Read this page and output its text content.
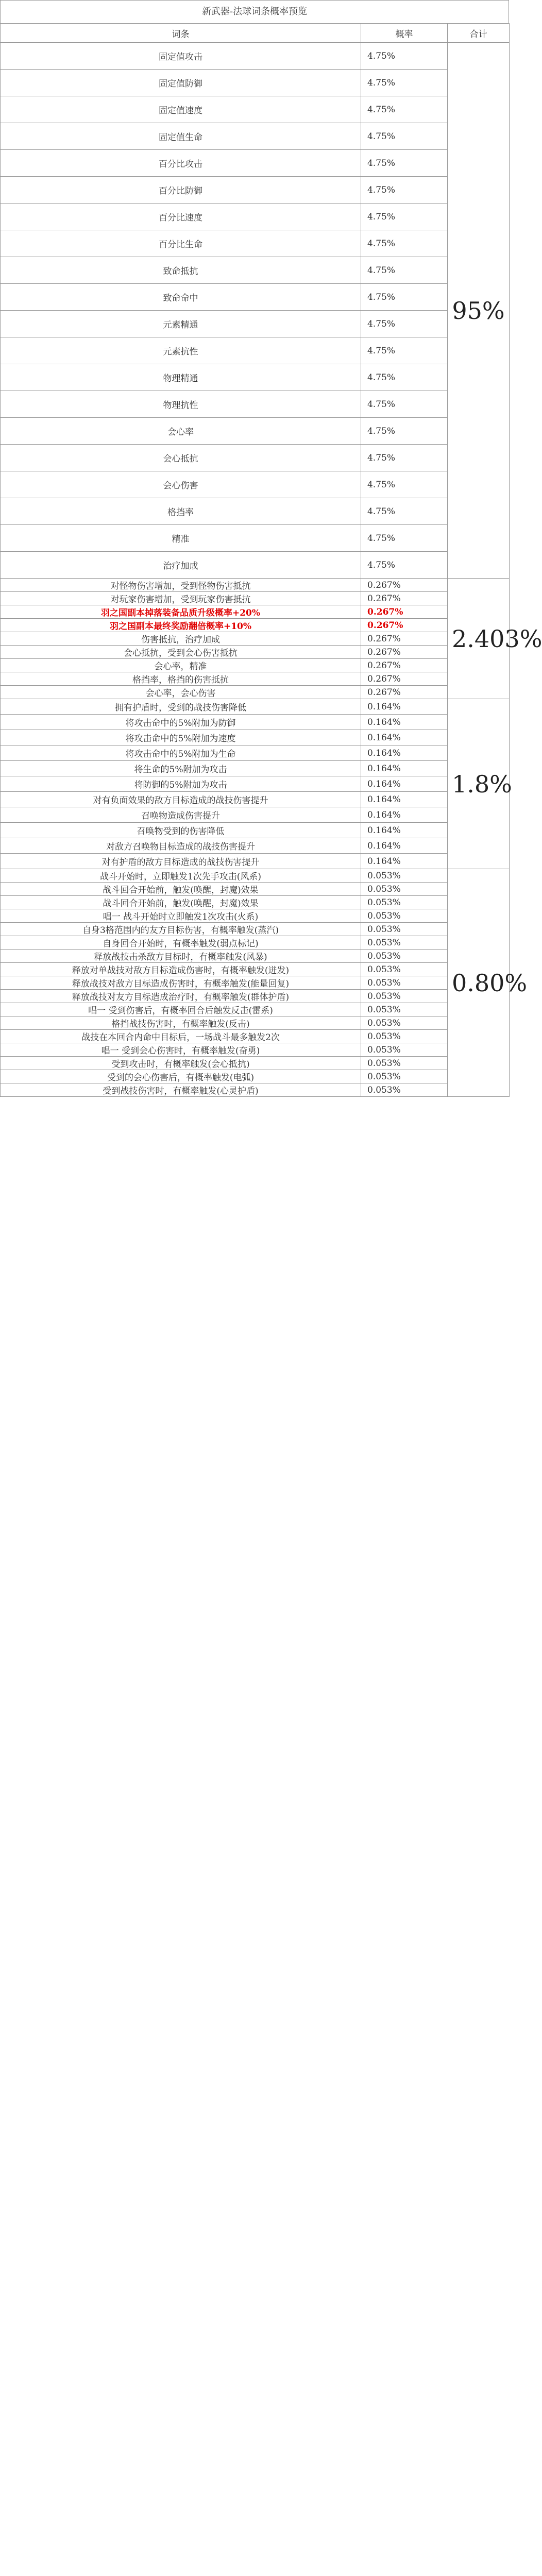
新武器-法球词条概率预览
词条	概率	合计
固定值攻击	4.75%	95%
固定值防御	4.75%	
固定值速度	4.75%	
固定值生命	4.75%	
百分比攻击	4.75%	
百分比防御	4.75%	
百分比速度	4.75%	
百分比生命	4.75%	
致命抵抗	4.75%	
致命命中	4.75%	
元素精通	4.75%	
元素抗性	4.75%	
物理精通	4.75%	
物理抗性	4.75%	
会心率	4.75%	
会心抵抗	4.75%	
会心伤害	4.75%	
格挡率	4.75%	
精准	4.75%	
治疗加成	4.75%	
对怪物伤害增加，受到怪物伤害抵抗	0.267%	2.403%
对玩家伤害增加，受到玩家伤害抵抗	0.267%	
羽之国副本掉落装备品质升级概率+20%	0.267%	
羽之国副本最终奖励翻倍概率+10%	0.267%	
伤害抵抗，治疗加成	0.267%	
会心抵抗，受到会心伤害抵抗	0.267%	
会心率，精准	0.267%	
格挡率，格挡的伤害抵抗	0.267%	
会心率，会心伤害	0.267%	
拥有护盾时，受到的战技伤害降低	0.164%	1.8%
将攻击命中的5%附加为防御	0.164%	
将攻击命中的5%附加为速度	0.164%	
将攻击命中的5%附加为生命	0.164%	
将生命的5%附加为攻击	0.164%	
将防御的5%附加为攻击	0.164%	
对有负面效果的敌方目标造成的战技伤害提升	0.164%	
召唤物造成伤害提升	0.164%	
召唤物受到的伤害降低	0.164%	
对敌方召唤物目标造成的战技伤害提升	0.164%	
对有护盾的敌方目标造成的战技伤害提升	0.164%	
战斗开始时，立即触发1次先手攻击(风系)	0.053%	0.80%
战斗回合开始前，触发(唤醒，封魔)效果	0.053%	
战斗回合开始前，触发(唤醒，封魔)效果	0.053%	
唱一 战斗开始时立即触发1次攻击(火系)	0.053%	
自身3格范围内的友方目标伤害，有概率触发(蒸汽)	0.053%	
自身回合开始时，有概率触发(弱点标记)	0.053%	
释放战技击杀敌方目标时，有概率触发(风暴)	0.053%	
释放对单战技对敌方目标造成伤害时，有概率触发(迸发)	0.053%	
释放战技对敌方目标造成伤害时，有概率触发(能量回复)	0.053%	
释放战技对友方目标造成治疗时，有概率触发(群体护盾)	0.053%	
唱一 受到伤害后，有概率回合后触发反击(雷系)	0.053%	
格挡战技伤害时，有概率触发(反击)	0.053%	
战技在本回合内命中目标后，一场战斗最多触发2次	0.053%	
唱一 受到会心伤害时，有概率触发(奋勇)	0.053%	
受到攻击时，有概率触发(会心抵抗)	0.053%	
受到的会心伤害后，有概率触发(电弧)	0.053%	
受到战技伤害时，有概率触发(心灵护盾)	0.053%	
